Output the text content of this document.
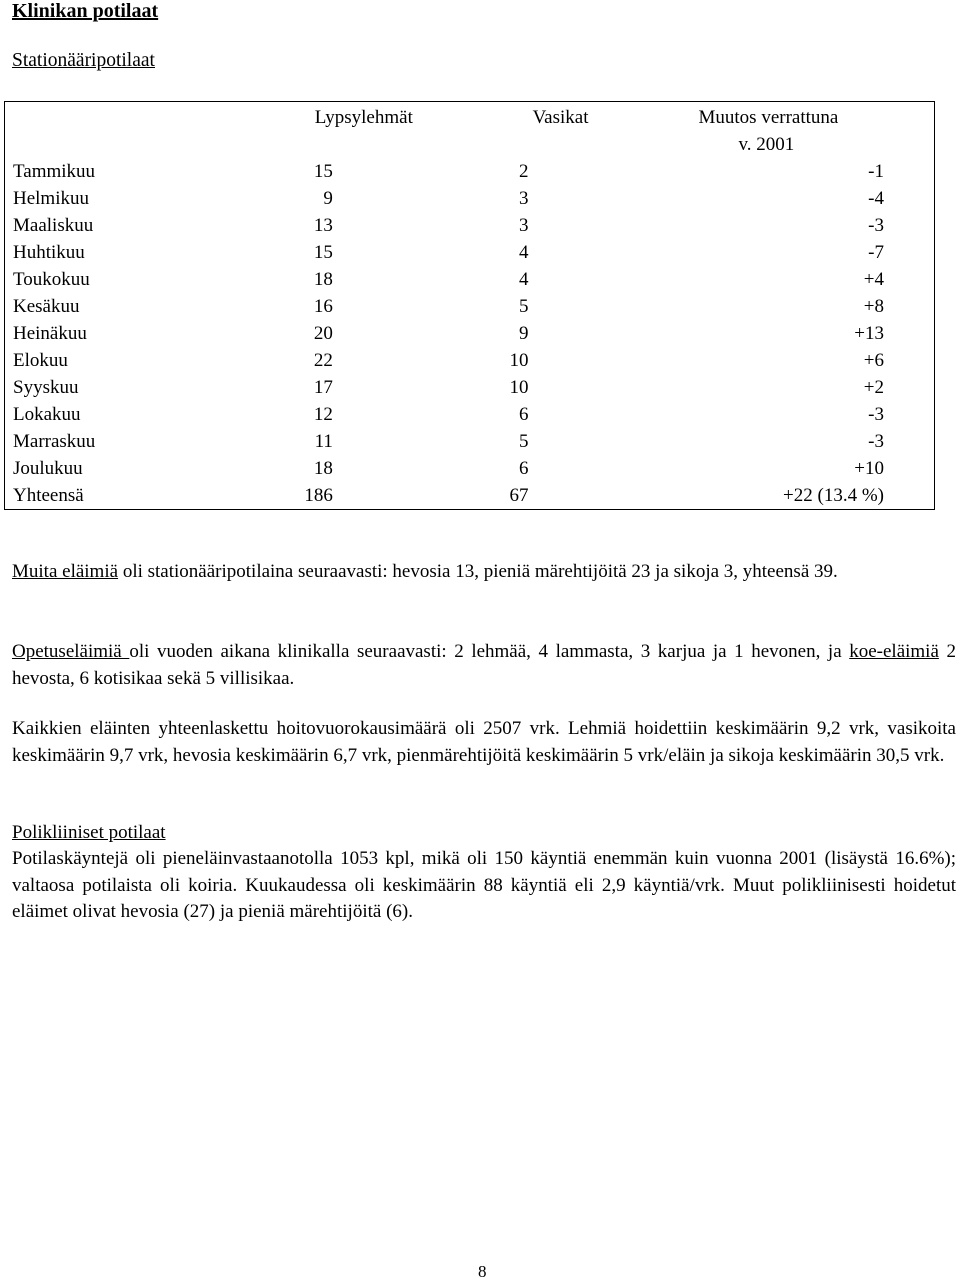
Klinikan potilaat
Stationääripotilaat
	Lypsylehmät	Vasikat	Muutos verrattuna
v. 2001
Tammikuu	15	2	-1
Helmikuu	9	3	-4
Maaliskuu	13	3	-3
Huhtikuu	15	4	-7
Toukokuu	18	4	+4
Kesäkuu	16	5	+8
Heinäkuu	20	9	+13
Elokuu	22	10	+6
Syyskuu	17	10	+2
Lokakuu	12	6	-3
Marraskuu	11	5	-3
Joulukuu	18	6	+10
Yhteensä	186	67	+22 (13.4 %)
Muita eläimiä oli stationääripotilaina seuraavasti: hevosia 13, pieniä märehtijöitä 23 ja sikoja 3, yhteensä 39.
Opetuseläimiä oli vuoden aikana klinikalla seuraavasti: 2 lehmää, 4 lammasta, 3 karjua ja 1 hevonen, ja koe-eläimiä 2 hevosta, 6 kotisikaa sekä 5 villisikaa.
Kaikkien eläinten yhteenlaskettu hoitovuorokausimäärä oli 2507 vrk. Lehmiä hoidettiin keskimäärin 9,2 vrk, vasikoita keskimäärin 9,7 vrk, hevosia keskimäärin 6,7 vrk, pienmärehtijöitä keskimäärin 5 vrk/eläin ja sikoja keskimäärin 30,5 vrk.
Polikliiniset potilaat
Potilaskäyntejä oli pieneläinvastaanotolla 1053 kpl, mikä oli 150 käyntiä enemmän kuin vuonna 2001 (lisäystä 16.6%); valtaosa potilaista oli koiria. Kuukaudessa oli keskimäärin 88 käyntiä eli 2,9 käyntiä/vrk. Muut polikliinisesti hoidetut eläimet olivat hevosia (27) ja pieniä märehtijöitä (6).
8
